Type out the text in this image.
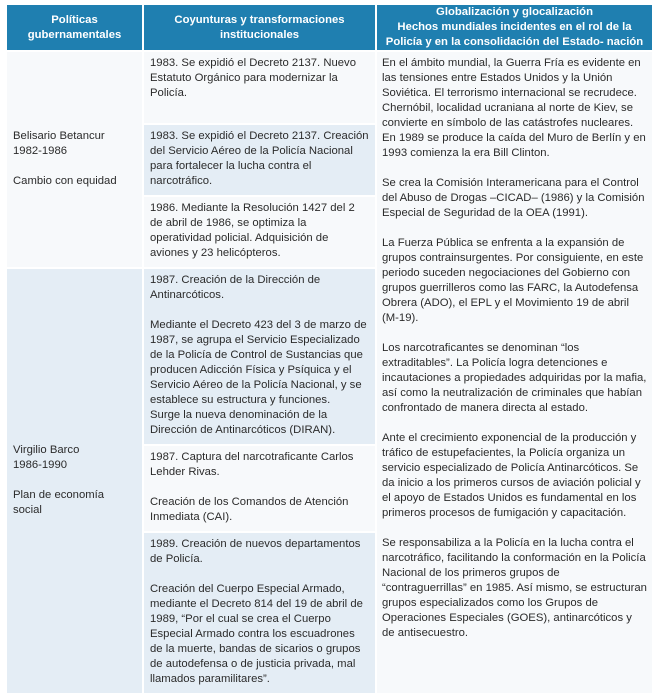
Políticas gubernamentales
Coyunturas y transformaciones institucionales
Globalización y glocalización
Hechos mundiales incidentes en el rol de la Policía y en la consolidación del Estado- nación
Belisario Betancur
1982-1986
Cambio con equidad
Virgilio Barco
1986-1990
Plan de economía social
1983. Se expidió el Decreto 2137. Nuevo Estatuto Orgánico para modernizar la Policía.
1983. Se expidió el Decreto 2137. Creación del Servicio Aéreo de la Policía Nacional para fortalecer la lucha contra el narcotráfico.
1986. Mediante la Resolución 1427 del 2 de abril de 1986, se optimiza la operatividad policial. Adquisición de aviones y 23 helicópteros.
1987. Creación de la Dirección de Antinarcóticos.
Mediante el Decreto 423 del 3 de marzo de 1987, se agrupa el Servicio Especializado de la Policía de Control de Sustancias que producen Adicción Física y Psíquica y el Servicio Aéreo de la Policía Nacional, y se establece su estructura y funciones.
Surge la nueva denominación de la Dirección de Antinarcóticos (DIRAN).
1987. Captura del narcotraficante Carlos Lehder Rivas.
Creación de los Comandos de Atención Inmediata (CAI).
1989. Creación de nuevos departamentos de Policía.
Creación del Cuerpo Especial Armado, mediante el Decreto 814 del 19 de abril de 1989, “Por el cual se crea el Cuerpo Especial Armado contra los escuadrones de la muerte, bandas de sicarios o grupos de autodefensa o de justicia privada, mal llamados paramilitares”.
En el ámbito mundial, la Guerra Fría es evidente en las tensiones entre Estados Unidos y la Unión Soviética. El terrorismo internacional se recrudece. Chernóbil, localidad ucraniana al norte de Kiev, se convierte en símbolo de las catástrofes nucleares. En 1989 se produce la caída del Muro de Berlín y en 1993 comienza la era Bill Clinton.
Se crea la Comisión Interamericana para el Control del Abuso de Drogas –CICAD– (1986) y la Comisión Especial de Seguridad de la OEA (1991).
La Fuerza Pública se enfrenta a la expansión de grupos contrainsurgentes. Por consiguiente, en este periodo suceden negociaciones del Gobierno con grupos guerrilleros como las FARC, la Autodefensa Obrera (ADO), el EPL y el Movimiento 19 de abril (M-19).
Los narcotraficantes se denominan “los extraditables”. La Policía logra detenciones e incautaciones a propiedades adquiridas por la mafia, así como la neutralización de criminales que habían confrontado de manera directa al estado.
Ante el crecimiento exponencial de la producción y tráfico de estupefacientes, la Policía organiza un servicio especializado de Policía Antinarcóticos. Se da inicio a los primeros cursos de aviación policial y el apoyo de Estados Unidos es fundamental en los primeros procesos de fumigación y capacitación.
Se responsabiliza a la Policía en la lucha contra el narcotráfico, facilitando la conformación en la Policía Nacional de los primeros grupos de “contraguerrillas” en 1985. Así mismo, se estructuran grupos especializados como los Grupos de Operaciones Especiales (GOES), antinarcóticos y de antisecuestro.
